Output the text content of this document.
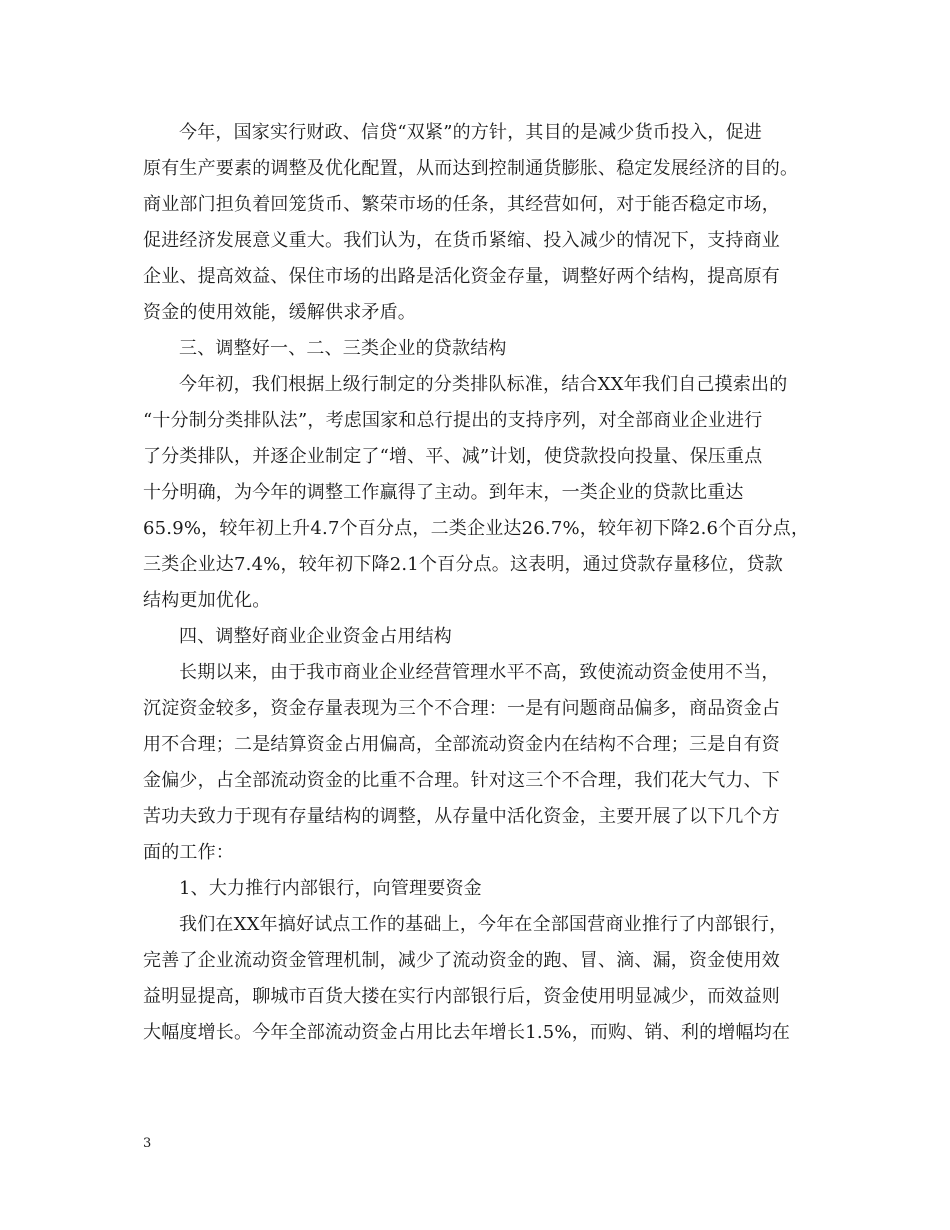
今年，国家实行财政、信贷“双紧”的方针，其目的是减少货币投入，促进
原有生产要素的调整及优化配置，从而达到控制通货膨胀、稳定发展经济的目的。
商业部门担负着回笼货币、繁荣市场的任条，其经营如何，对于能否稳定市场，
促进经济发展意义重大。我们认为，在货币紧缩、投入减少的情况下，支持商业
企业、提高效益、保住市场的出路是活化资金存量，调整好两个结构，提高原有
资金的使用效能，缓解供求矛盾。
三、调整好一、二、三类企业的贷款结构
今年初，我们根据上级行制定的分类排队标准，结合XX年我们自己摸索出的
“十分制分类排队法”，考虑国家和总行提出的支持序列，对全部商业企业进行
了分类排队，并逐企业制定了“增、平、减”计划，使贷款投向投量、保压重点
十分明确，为今年的调整工作赢得了主动。到年末，一类企业的贷款比重达
65.9%，较年初上升4.7个百分点，二类企业达26.7%，较年初下降2.6个百分点，
三类企业达7.4%，较年初下降2.1个百分点。这表明，通过贷款存量移位，贷款
结构更加优化。
四、调整好商业企业资金占用结构
长期以来，由于我市商业企业经营管理水平不高，致使流动资金使用不当，
沉淀资金较多，资金存量表现为三个不合理：一是有问题商品偏多，商品资金占
用不合理；二是结算资金占用偏高，全部流动资金内在结构不合理；三是自有资
金偏少，占全部流动资金的比重不合理。针对这三个不合理，我们花大气力、下
苦功夫致力于现有存量结构的调整，从存量中活化资金，主要开展了以下几个方
面的工作：
1、大力推行内部银行，向管理要资金
我们在XX年搞好试点工作的基础上，今年在全部国营商业推行了内部银行，
完善了企业流动资金管理机制，减少了流动资金的跑、冒、滴、漏，资金使用效
益明显提高，聊城市百货大搂在实行内部银行后，资金使用明显减少，而效益则
大幅度增长。今年全部流动资金占用比去年增长1.5%，而购、销、利的增幅均在
3
